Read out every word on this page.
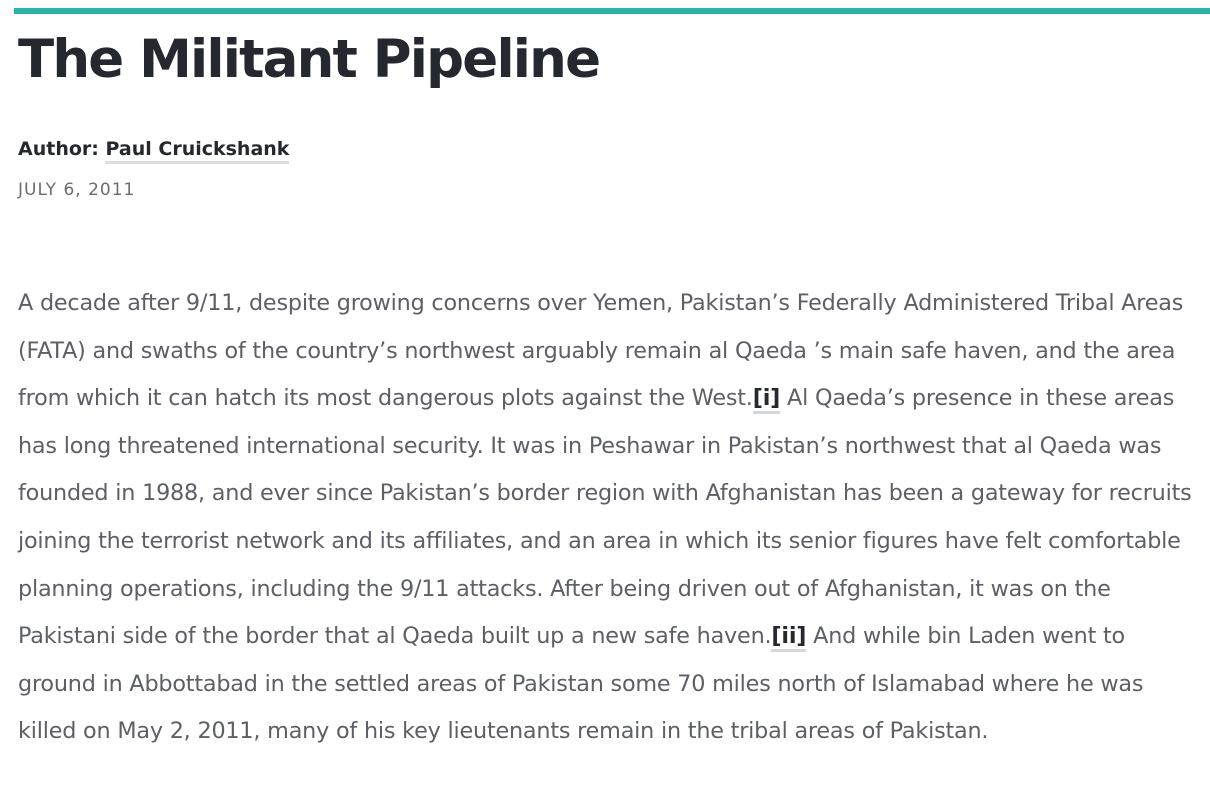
The Militant Pipeline
Author: Paul Cruickshank
JULY 6, 2011

A decade after 9/11, despite growing concerns over Yemen, Pakistan’s Federally Administered Tribal Areas (FATA) and swaths of the country’s northwest arguably remain al Qaeda ’s main safe haven, and the area from which it can hatch its most dangerous plots against the West.[i] Al Qaeda’s presence in these areas has long threatened international security. It was in Peshawar in Pakistan’s northwest that al Qaeda was founded in 1988, and ever since Pakistan’s border region with Afghanistan has been a gateway for recruits joining the terrorist network and its affiliates, and an area in which its senior figures have felt comfortable planning operations, including the 9/11 attacks. After being driven out of Afghanistan, it was on the Pakistani side of the border that al Qaeda built up a new safe haven.[ii] And while bin Laden went to ground in Abbottabad in the settled areas of Pakistan some 70 miles north of Islamabad where he was killed on May 2, 2011, many of his key lieutenants remain in the tribal areas of Pakistan.
